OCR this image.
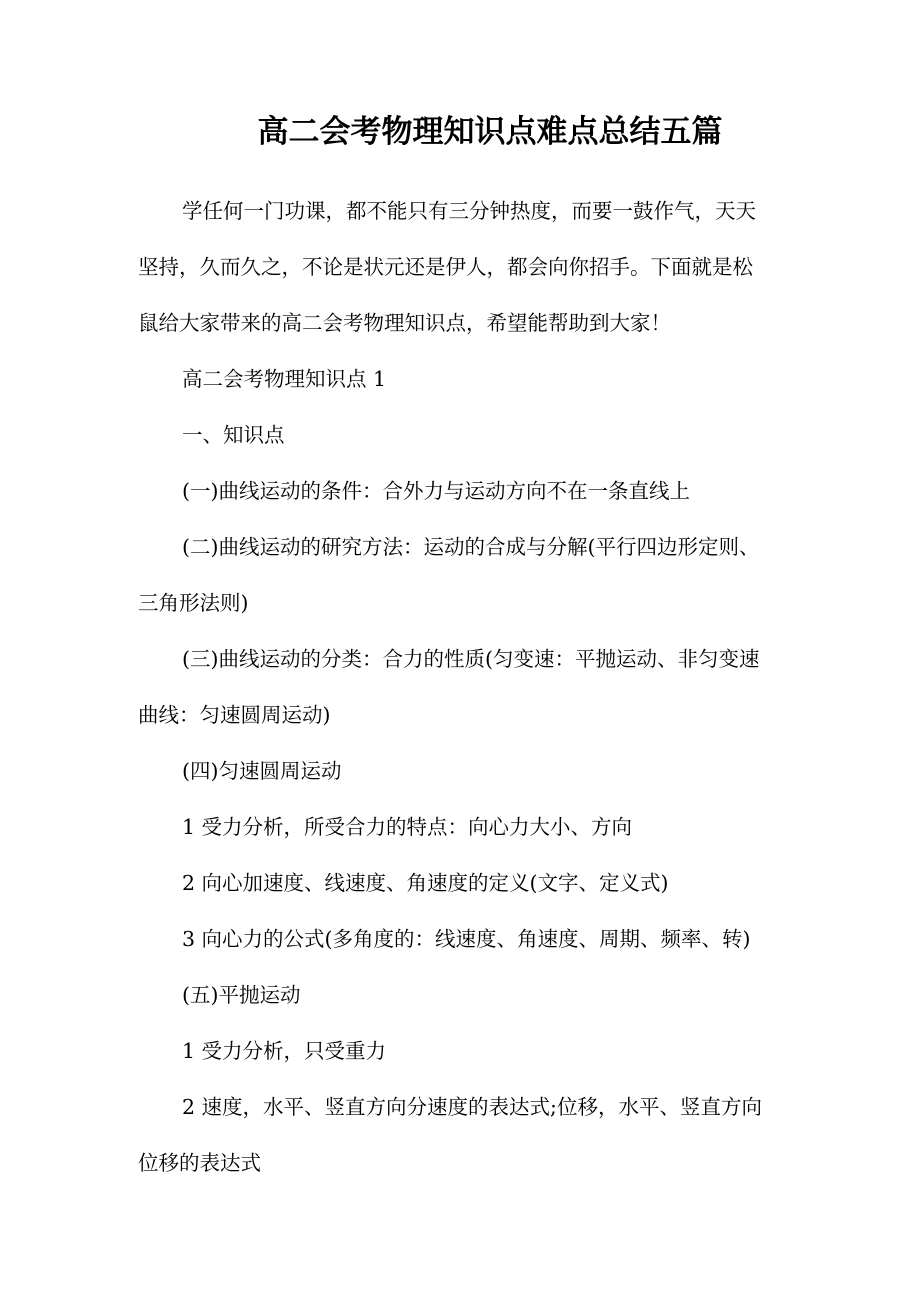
高二会考物理知识点难点总结五篇
学任何一门功课，都不能只有三分钟热度，而要一鼓作气，天天
坚持，久而久之，不论是状元还是伊人，都会向你招手。下面就是松
鼠给大家带来的高二会考物理知识点，希望能帮助到大家！
高二会考物理知识点 1
一、知识点
(一)曲线运动的条件：合外力与运动方向不在一条直线上
(二)曲线运动的研究方法：运动的合成与分解(平行四边形定则、
三角形法则)
(三)曲线运动的分类：合力的性质(匀变速：平抛运动、非匀变速
曲线：匀速圆周运动)
(四)匀速圆周运动
1 受力分析，所受合力的特点：向心力大小、方向
2 向心加速度、线速度、角速度的定义(文字、定义式)
3 向心力的公式(多角度的：线速度、角速度、周期、频率、转)
(五)平抛运动
1 受力分析，只受重力
2 速度，水平、竖直方向分速度的表达式;位移，水平、竖直方向
位移的表达式
